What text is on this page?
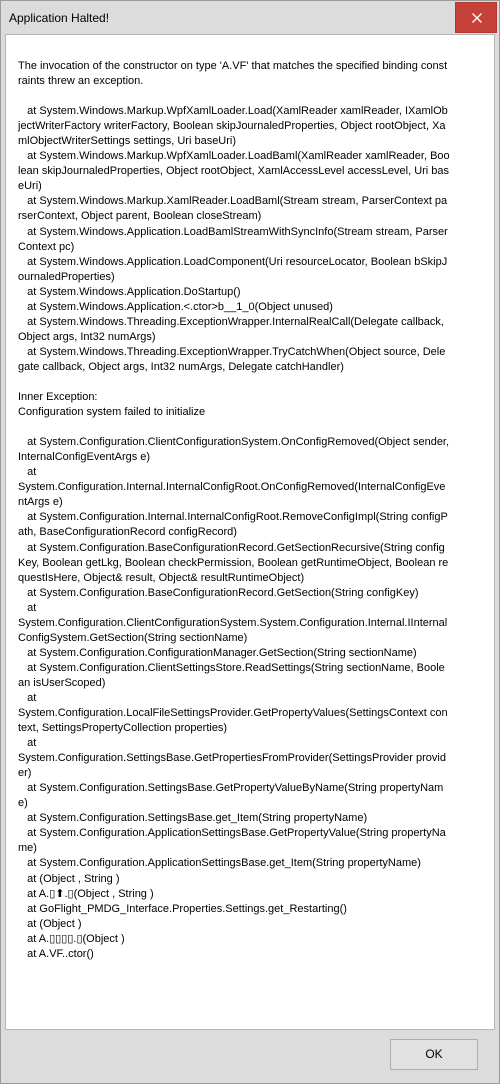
Application Halted!

The invocation of the constructor on type 'A.VF' that matches the specified binding constraints threw an exception.

at System.Windows.Markup.WpfXamlLoader.Load(XamlReader xamlReader, IXamlObjectWriterFactory writerFactory, Boolean skipJournaledProperties, Object rootObject, XamlObjectWriterSettings settings, Uri baseUri)
at System.Windows.Markup.WpfXamlLoader.LoadBaml(XamlReader xamlReader, Boolean skipJournaledProperties, Object rootObject, XamlAccessLevel accessLevel, Uri baseUri)
at System.Windows.Markup.XamlReader.LoadBaml(Stream stream, ParserContext parserContext, Object parent, Boolean closeStream)
at System.Windows.Application.LoadBamlStreamWithSyncInfo(Stream stream, ParserContext pc)
at System.Windows.Application.LoadComponent(Uri resourceLocator, Boolean bSkipJournaledProperties)
at System.Windows.Application.DoStartup()
at System.Windows.Application.<.ctor>b__1_0(Object unused)
at System.Windows.Threading.ExceptionWrapper.InternalRealCall(Delegate callback, Object args, Int32 numArgs)
at System.Windows.Threading.ExceptionWrapper.TryCatchWhen(Object source, Delegate callback, Object args, Int32 numArgs, Delegate catchHandler)

Inner Exception:
Configuration system failed to initialize

at System.Configuration.ClientConfigurationSystem.OnConfigRemoved(Object sender, InternalConfigEventArgs e)
at
System.Configuration.Internal.InternalConfigRoot.OnConfigRemoved(InternalConfigEventArgs e)
at System.Configuration.Internal.InternalConfigRoot.RemoveConfigImpl(String configPath, BaseConfigurationRecord configRecord)
at System.Configuration.BaseConfigurationRecord.GetSectionRecursive(String configKey, Boolean getLkg, Boolean checkPermission, Boolean getRuntimeObject, Boolean requestIsHere, Object& result, Object& resultRuntimeObject)
at System.Configuration.BaseConfigurationRecord.GetSection(String configKey)
at
System.Configuration.ClientConfigurationSystem.System.Configuration.Internal.IInternalConfigSystem.GetSection(String sectionName)
at System.Configuration.ConfigurationManager.GetSection(String sectionName)
at System.Configuration.ClientSettingsStore.ReadSettings(String sectionName, Boolean isUserScoped)
at
System.Configuration.LocalFileSettingsProvider.GetPropertyValues(SettingsContext context, SettingsPropertyCollection properties)
at
System.Configuration.SettingsBase.GetPropertiesFromProvider(SettingsProvider provider)
at System.Configuration.SettingsBase.GetPropertyValueByName(String propertyName)
at System.Configuration.SettingsBase.get_Item(String propertyName)
at System.Configuration.ApplicationSettingsBase.GetPropertyValue(String propertyName)
at System.Configuration.ApplicationSettingsBase.get_Item(String propertyName)
at (Object , String )
at A.▯⬆.▯(Object , String )
at GoFlight_PMDG_Interface.Properties.Settings.get_Restarting()
at (Object )
at A.▯▯▯▯.▯(Object )
at A.VF..ctor()

OK
